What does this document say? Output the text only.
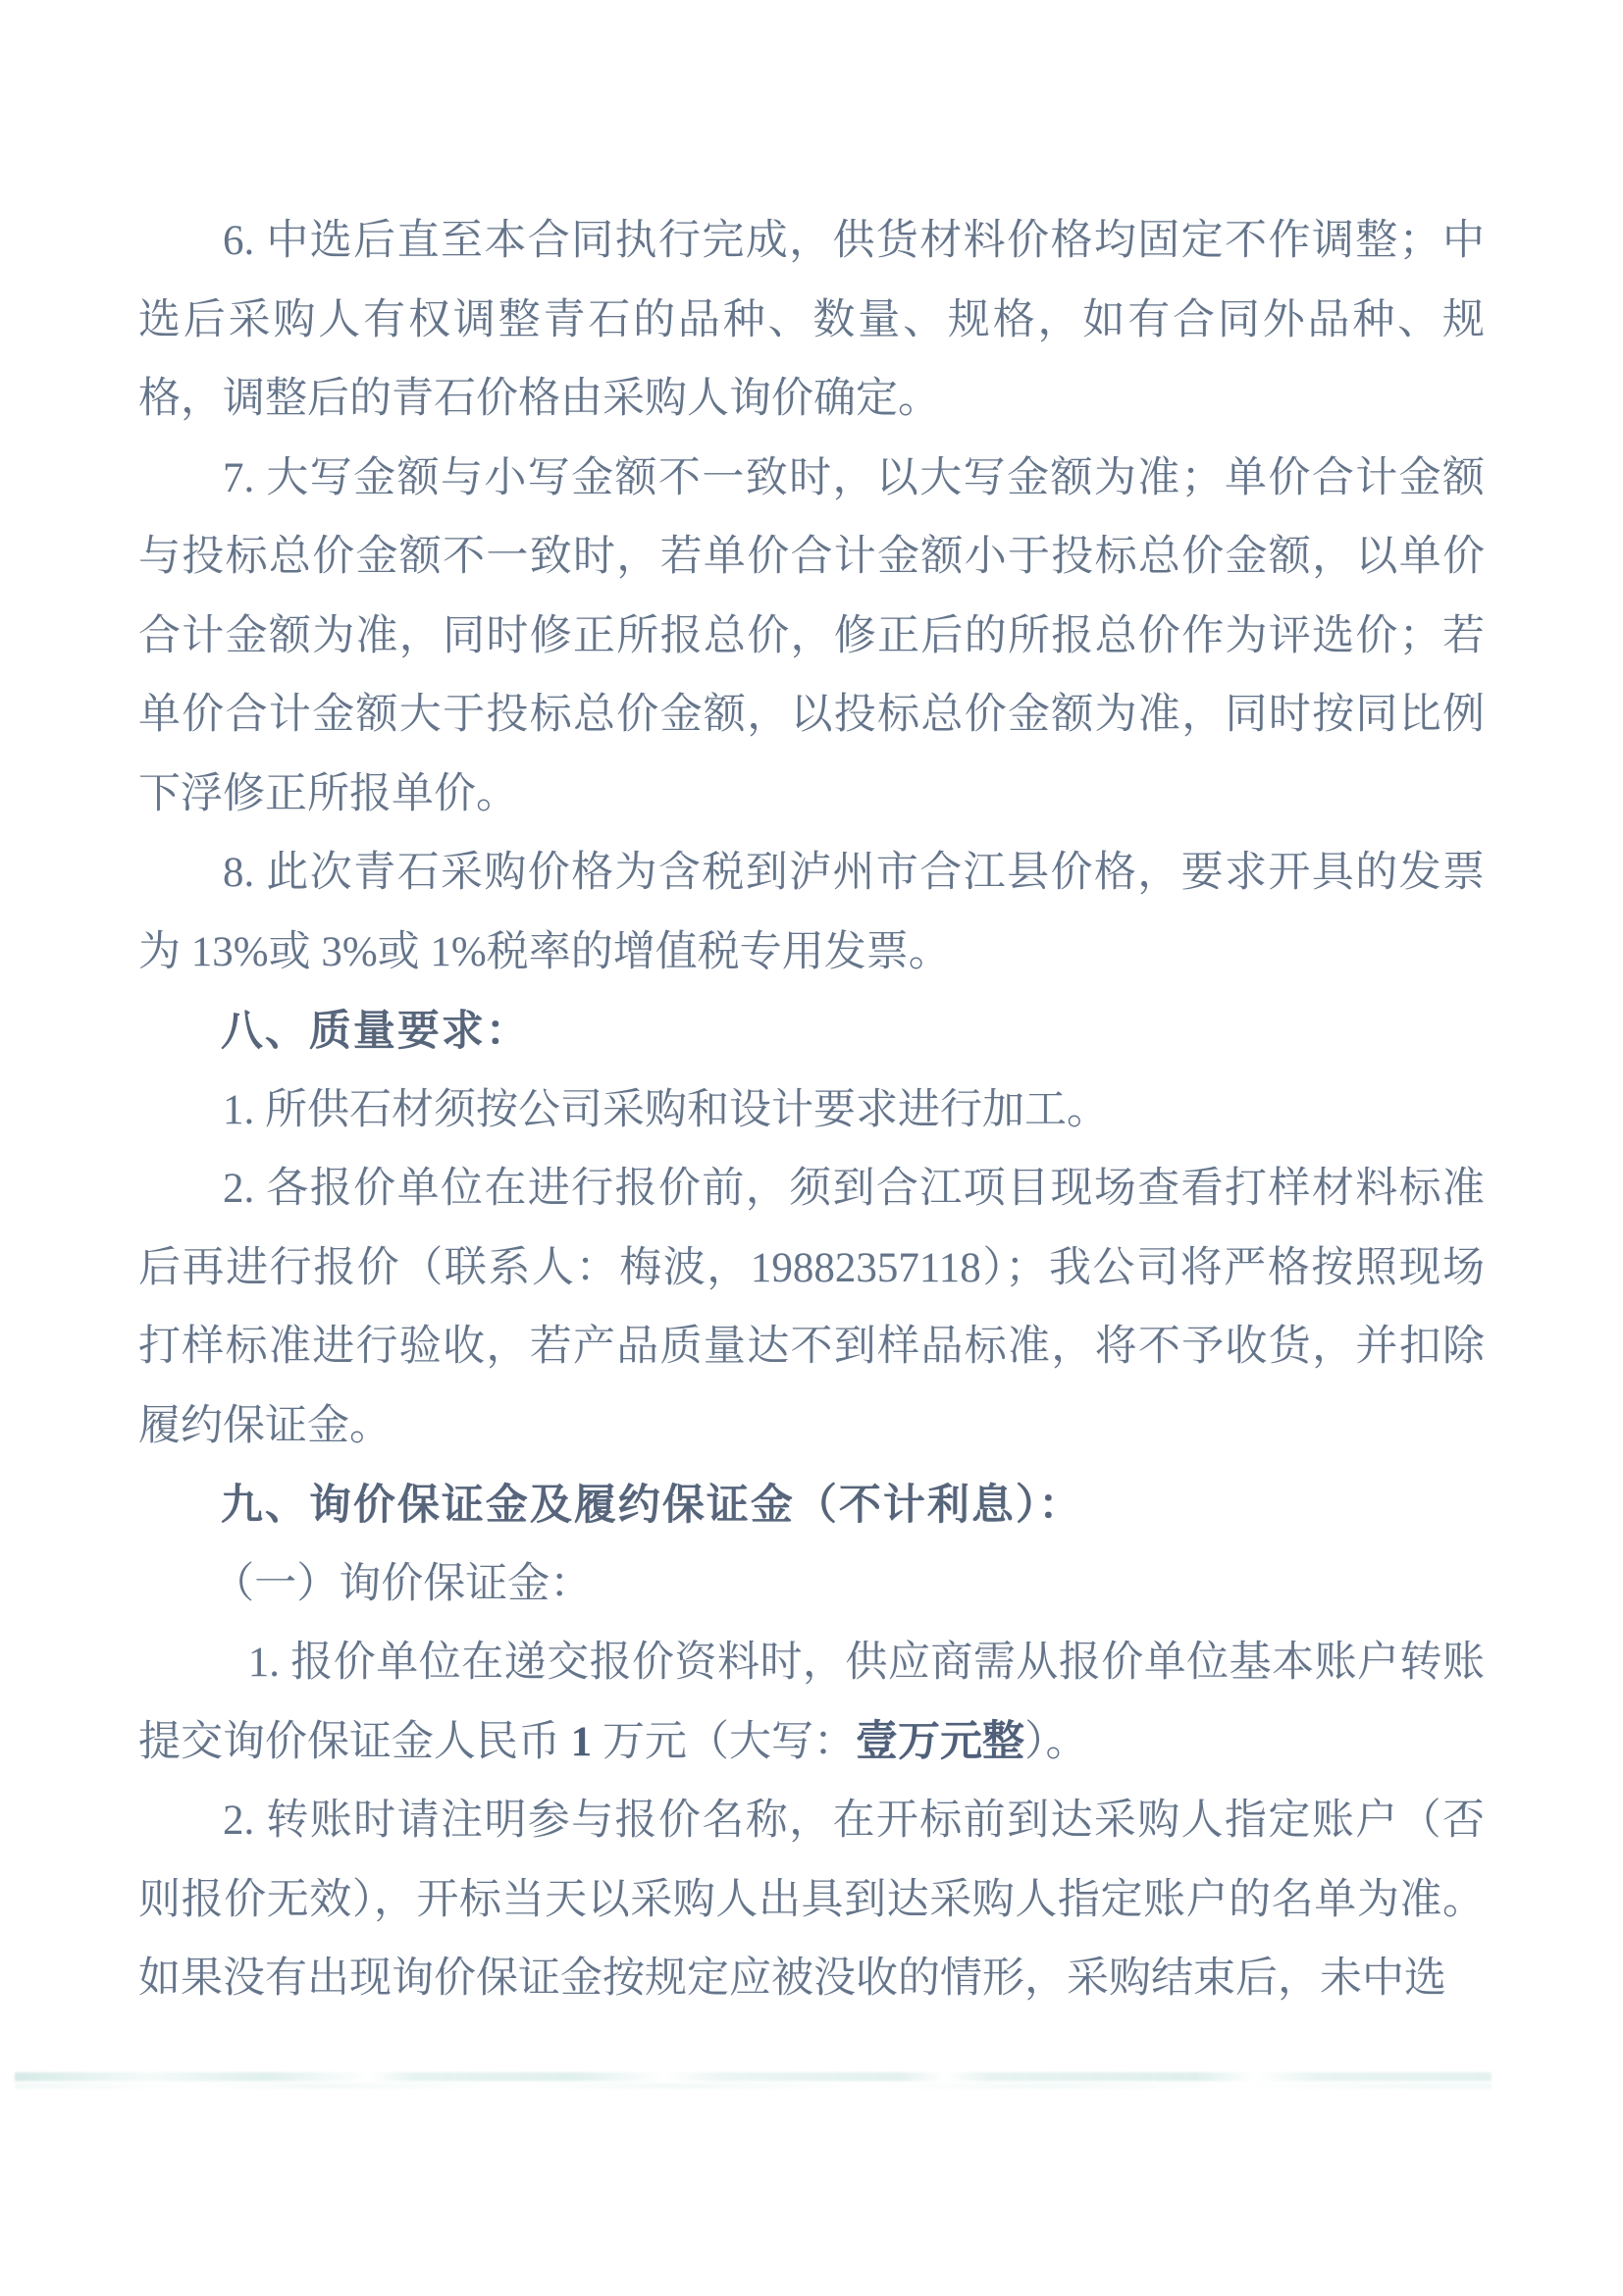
6. 中选后直至本合同执行完成，供货材料价格均固定不作调整；中选后采购人有权调整青石的品种、数量、规格，如有合同外品种、规格，调整后的青石价格由采购人询价确定。

7. 大写金额与小写金额不一致时，以大写金额为准；单价合计金额与投标总价金额不一致时，若单价合计金额小于投标总价金额，以单价合计金额为准，同时修正所报总价，修正后的所报总价作为评选价；若单价合计金额大于投标总价金额，以投标总价金额为准，同时按同比例下浮修正所报单价。

8. 此次青石采购价格为含税到泸州市合江县价格，要求开具的发票为 13%或 3%或 1%税率的增值税专用发票。

八、质量要求：

1. 所供石材须按公司采购和设计要求进行加工。

2. 各报价单位在进行报价前，须到合江项目现场查看打样材料标准后再进行报价（联系人：梅波，19882357118）；我公司将严格按照现场打样标准进行验收，若产品质量达不到样品标准，将不予收货，并扣除履约保证金。

九、询价保证金及履约保证金（不计利息）：

（一）询价保证金：

1. 报价单位在递交报价资料时，供应商需从报价单位基本账户转账提交询价保证金人民币 1 万元（大写：壹万元整）。

2. 转账时请注明参与报价名称，在开标前到达采购人指定账户（否则报价无效），开标当天以采购人出具到达采购人指定账户的名单为准。如果没有出现询价保证金按规定应被没收的情形，采购结束后，未中选
